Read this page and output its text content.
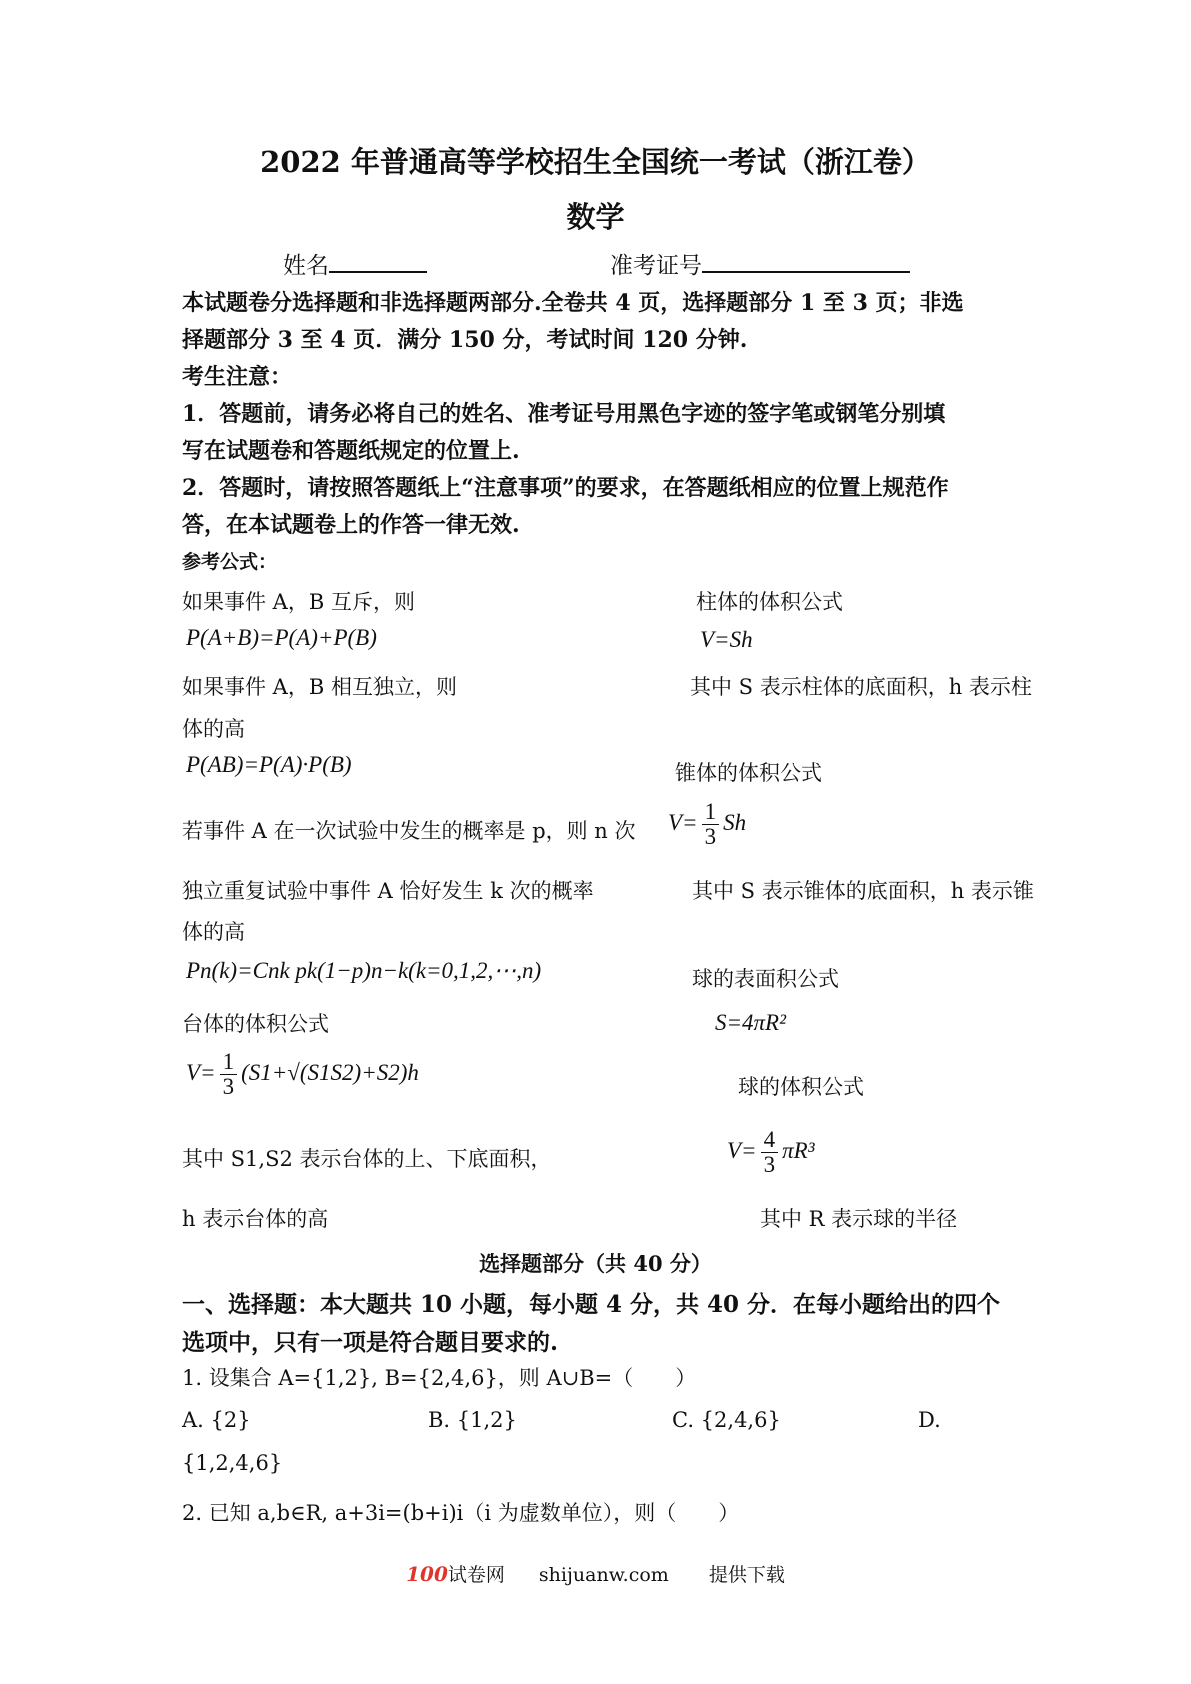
2022 年普通高等学校招生全国统一考试（浙江卷）
数学
姓名	准考证号
本试题卷分选择题和非选择题两部分.全卷共 4 页，选择题部分 1 至 3 页；非选
择题部分 3 至 4 页．满分 150 分，考试时间 120 分钟.
考生注意：
1．答题前，请务必将自己的姓名、准考证号用黑色字迹的签字笔或钢笔分别填
写在试题卷和答题纸规定的位置上.
2．答题时，请按照答题纸上“注意事项”的要求，在答题纸相应的位置上规范作
答，在本试题卷上的作答一律无效.
参考公式：
如果事件 A，B 互斥，则
P(A+B)=P(A)+P(B)
如果事件 A，B 相互独立，则
体的高
P(AB)=P(A)·P(B)
若事件 A 在一次试验中发生的概率是 p，则 n 次
独立重复试验中事件 A 恰好发生 k 次的概率
体的高
Pn(k)=Cnk pk(1−p)n−k(k=0,1,2,⋯,n)
台体的体积公式
$V= \frac{1}{3} (S1+√(S1S2)+S2)h$
其中 S1,S2 表示台体的上、下底面积，
h 表示台体的高
柱体的体积公式
V=Sh
其中 S 表示柱体的底面积，h 表示柱
锥体的体积公式
$V= \frac{1}{3}$ Sh
其中 S 表示锥体的底面积，h 表示锥
球的表面积公式
S=4πR²
球的体积公式
$V= \frac{4}{3} \pi R^3$
其中 R 表示球的半径
选择题部分（共 40 分）
一、选择题：本大题共 10 小题，每小题 4 分，共 40 分．在每小题给出的四个
选项中，只有一项是符合题目要求的.
1. 设集合 A={1,2}, B={2,4,6}，则 A∪B=（　　）
A. {2}	B. {1,2}	C. {2,4,6}	D.
{1,2,4,6}
2. 已知 a,b∈R, a+3i=(b+i)i（i 为虚数单位），则（　　）
100试卷网 shijuanw.com 提供下载
